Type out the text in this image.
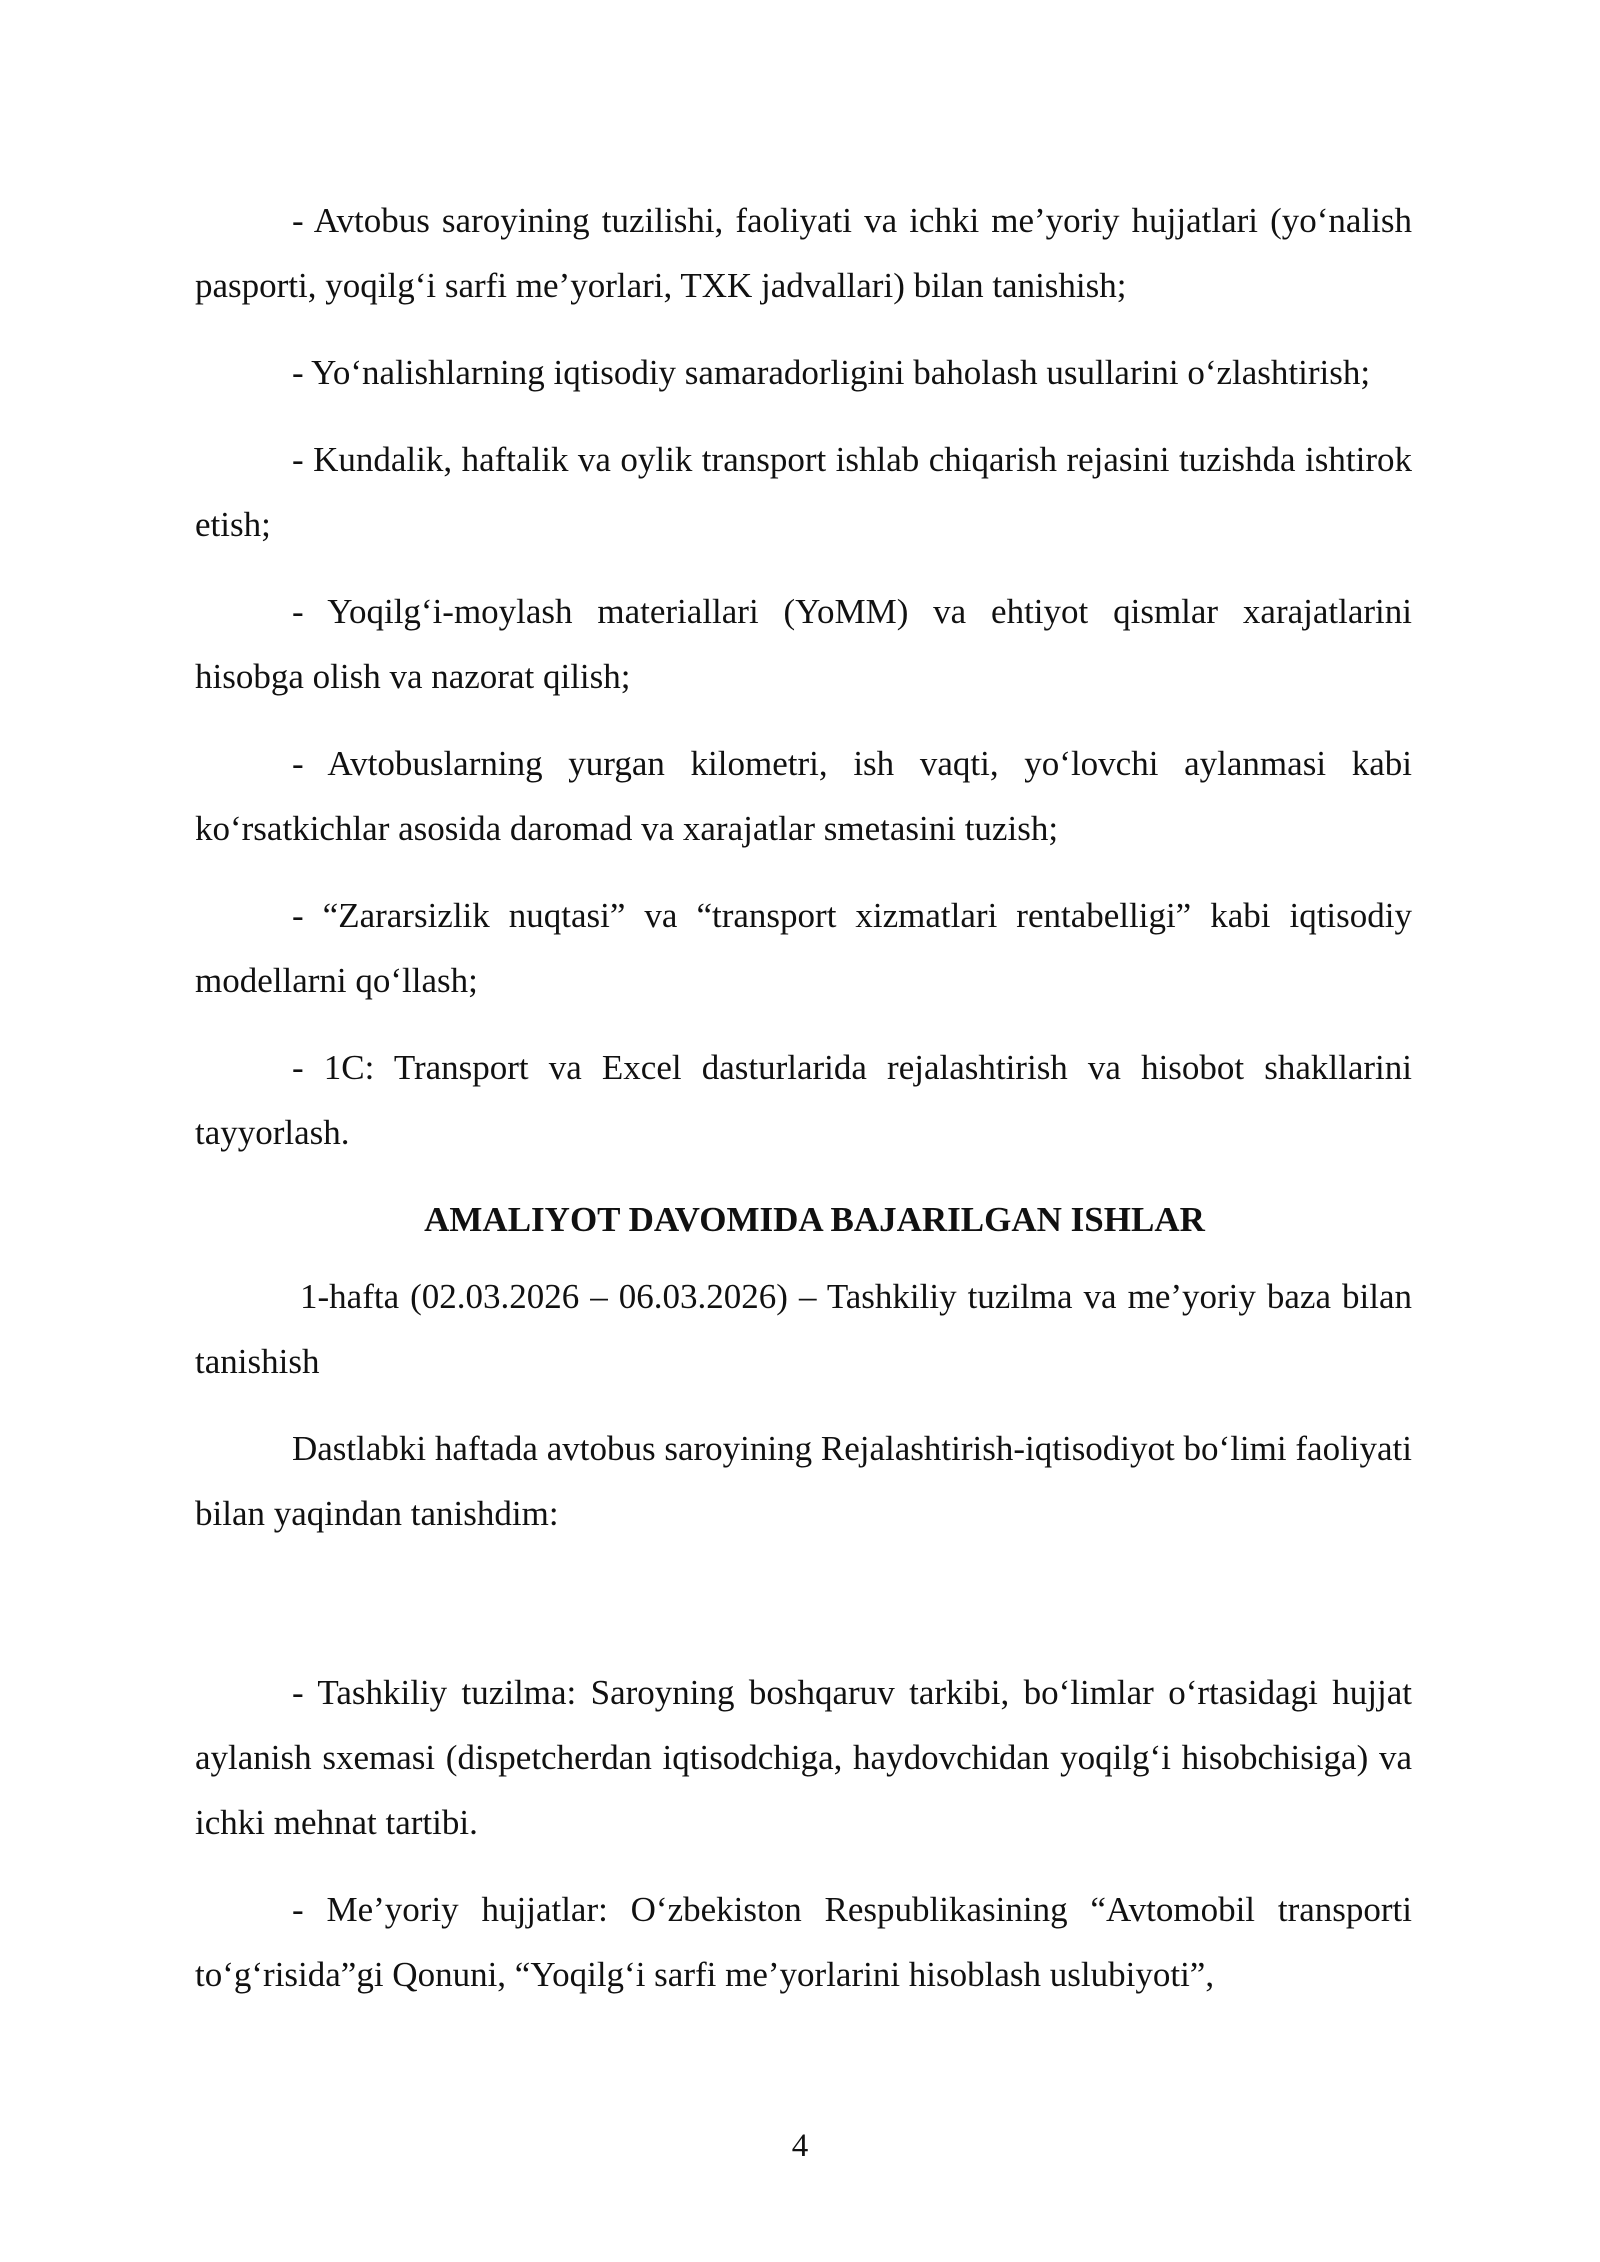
- Avtobus saroyining tuzilishi, faoliyati va ichki me’yoriy hujjatlari (yo‘nalish pasporti, yoqilg‘i sarfi me’yorlari, TXK jadvallari) bilan tanishish;

- Yo‘nalishlarning iqtisodiy samaradorligini baholash usullarini o‘zlashtirish;

- Kundalik, haftalik va oylik transport ishlab chiqarish rejasini tuzishda ishtirok etish;

- Yoqilg‘i-moylash materiallari (YoMM) va ehtiyot qismlar xarajatlarini hisobga olish va nazorat qilish;

- Avtobuslarning yurgan kilometri, ish vaqti, yo‘lovchi aylanmasi kabi ko‘rsatkichlar asosida daromad va xarajatlar smetasini tuzish;

- “Zararsizlik nuqtasi” va “transport xizmatlari rentabelligi” kabi iqtisodiy modellarni qo‘llash;

- 1C: Transport va Excel dasturlarida rejalashtirish va hisobot shakllarini tayyorlash.

AMALIYOT DAVOMIDA BAJARILGAN ISHLAR

1-hafta (02.03.2026 – 06.03.2026) – Tashkiliy tuzilma va me’yoriy baza bilan tanishish

Dastlabki haftada avtobus saroyining Rejalashtirish-iqtisodiyot bo‘limi faoliyati bilan yaqindan tanishdim:

- Tashkiliy tuzilma: Saroyning boshqaruv tarkibi, bo‘limlar o‘rtasidagi hujjat aylanish sxemasi (dispetcherdan iqtisodchiga, haydovchidan yoqilg‘i hisobchisiga) va ichki mehnat tartibi.

- Me’yoriy hujjatlar: O‘zbekiston Respublikasining “Avtomobil transporti to‘g‘risida”gi Qonuni, “Yoqilg‘i sarfi me’yorlarini hisoblash uslubiyoti”,

4
